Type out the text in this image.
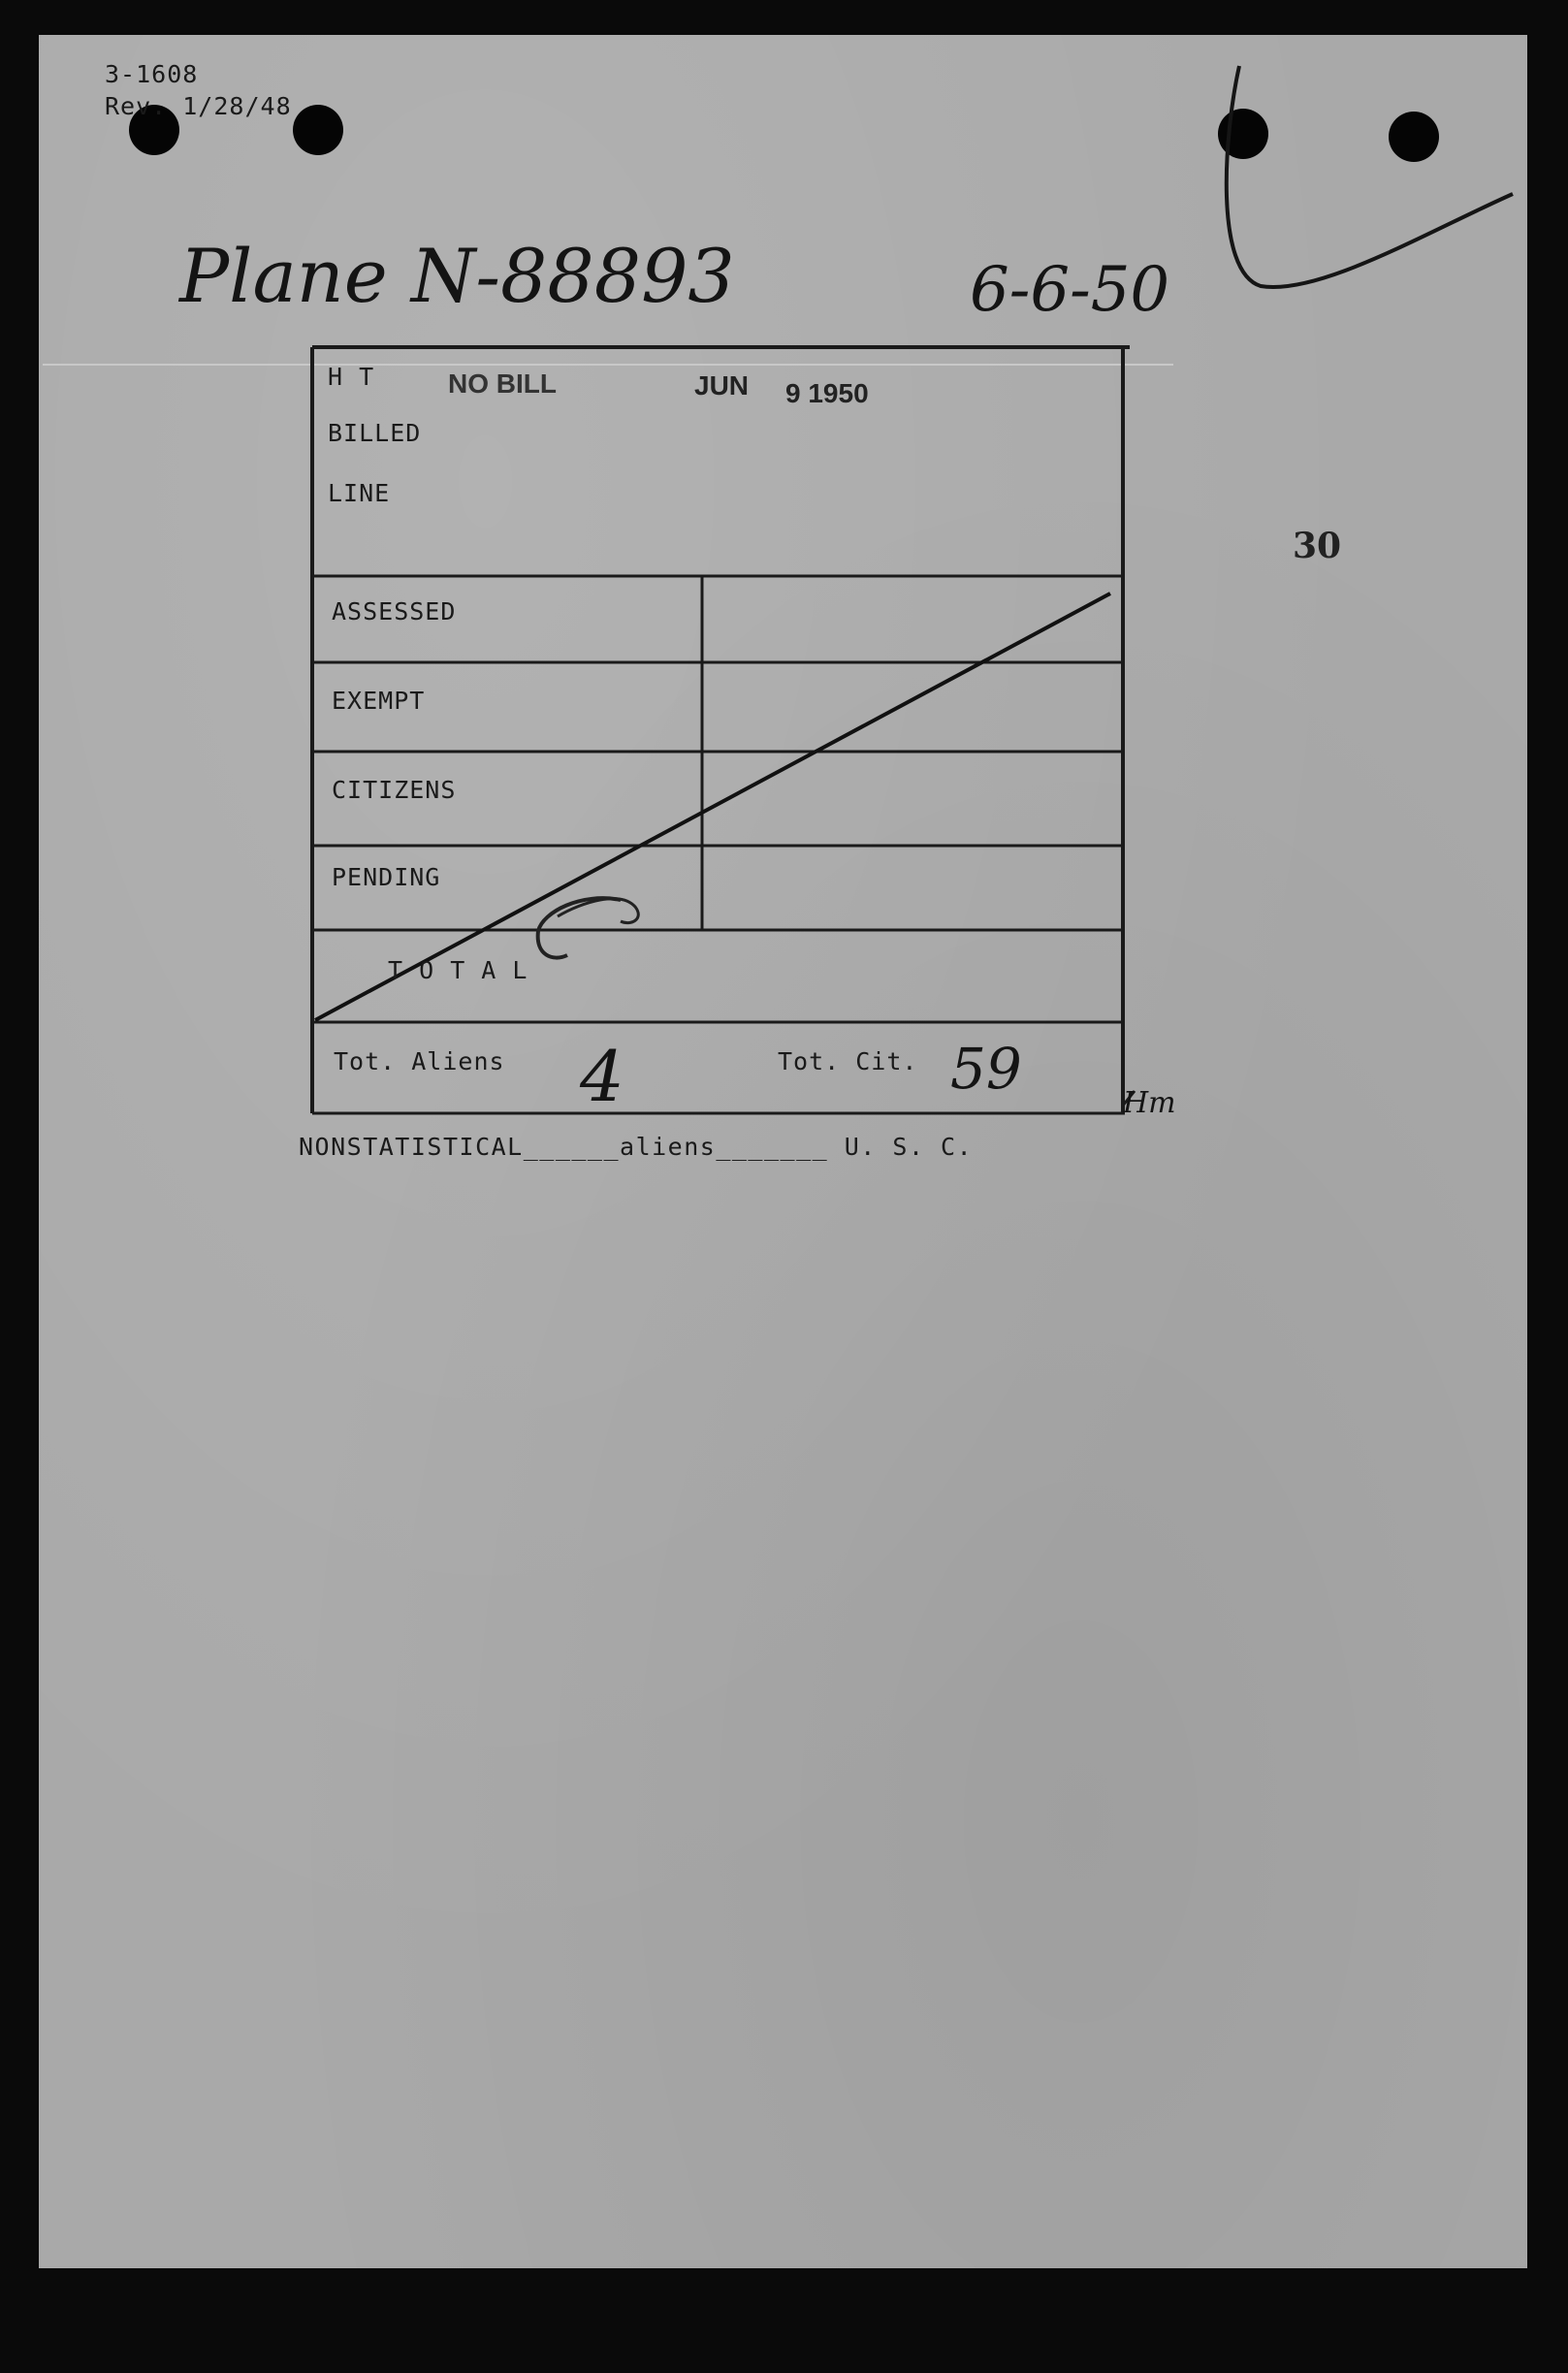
3-1608
Rev. 1/28/48
Plane N-88893	6-6-50
30
H T	NO BILL	JUN 9 1950
BILLED
LINE
ASSESSED
EXEMPT
CITIZENS
PENDING
T O T A L
Tot. Aliens 4	Tot. Cit. 59
Hm
NONSTATISTICAL______aliens_______ U. S. C.
